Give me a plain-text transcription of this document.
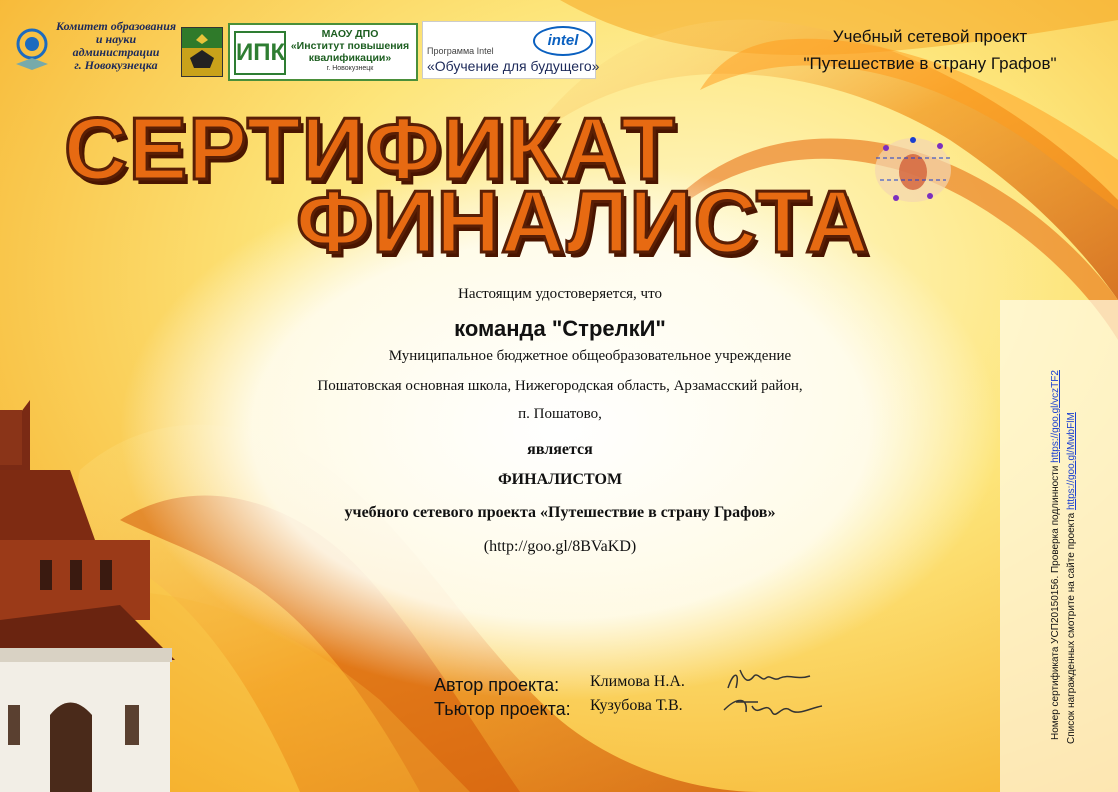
Комитет образования
и науки
администрации
г. Новокузнецка	ИПК
МАОУ ДПО
«Институт повышения квалификации»
г. Новокузнецк
intel
Программа Intel
«Обучение для будущего»
Учебный сетевой проект
"Путешествие в страну Графов"
СЕРТИФИКАТ
ФИНАЛИСТА
Настоящим удостоверяется, что
команда "СтрелкИ"
Муниципальное бюджетное общеобразовательное учреждение
Пошатовская основная школа, Нижегородская область, Арзамасский район,
п. Пошатово,
является
ФИНАЛИСТОМ
учебного сетевого проекта «Путешествие в страну Графов»
(http://goo.gl/8BVaKD)
Автор проекта: Климова Н.А.
Тьютор проекта: Кузубова Т.В.	Номер сертификата УСП20150156. Проверка подлинности https://goo.gl/vczTF2
Список награжденных смотрите на сайте проекта https://goo.gl/MwbFlM
